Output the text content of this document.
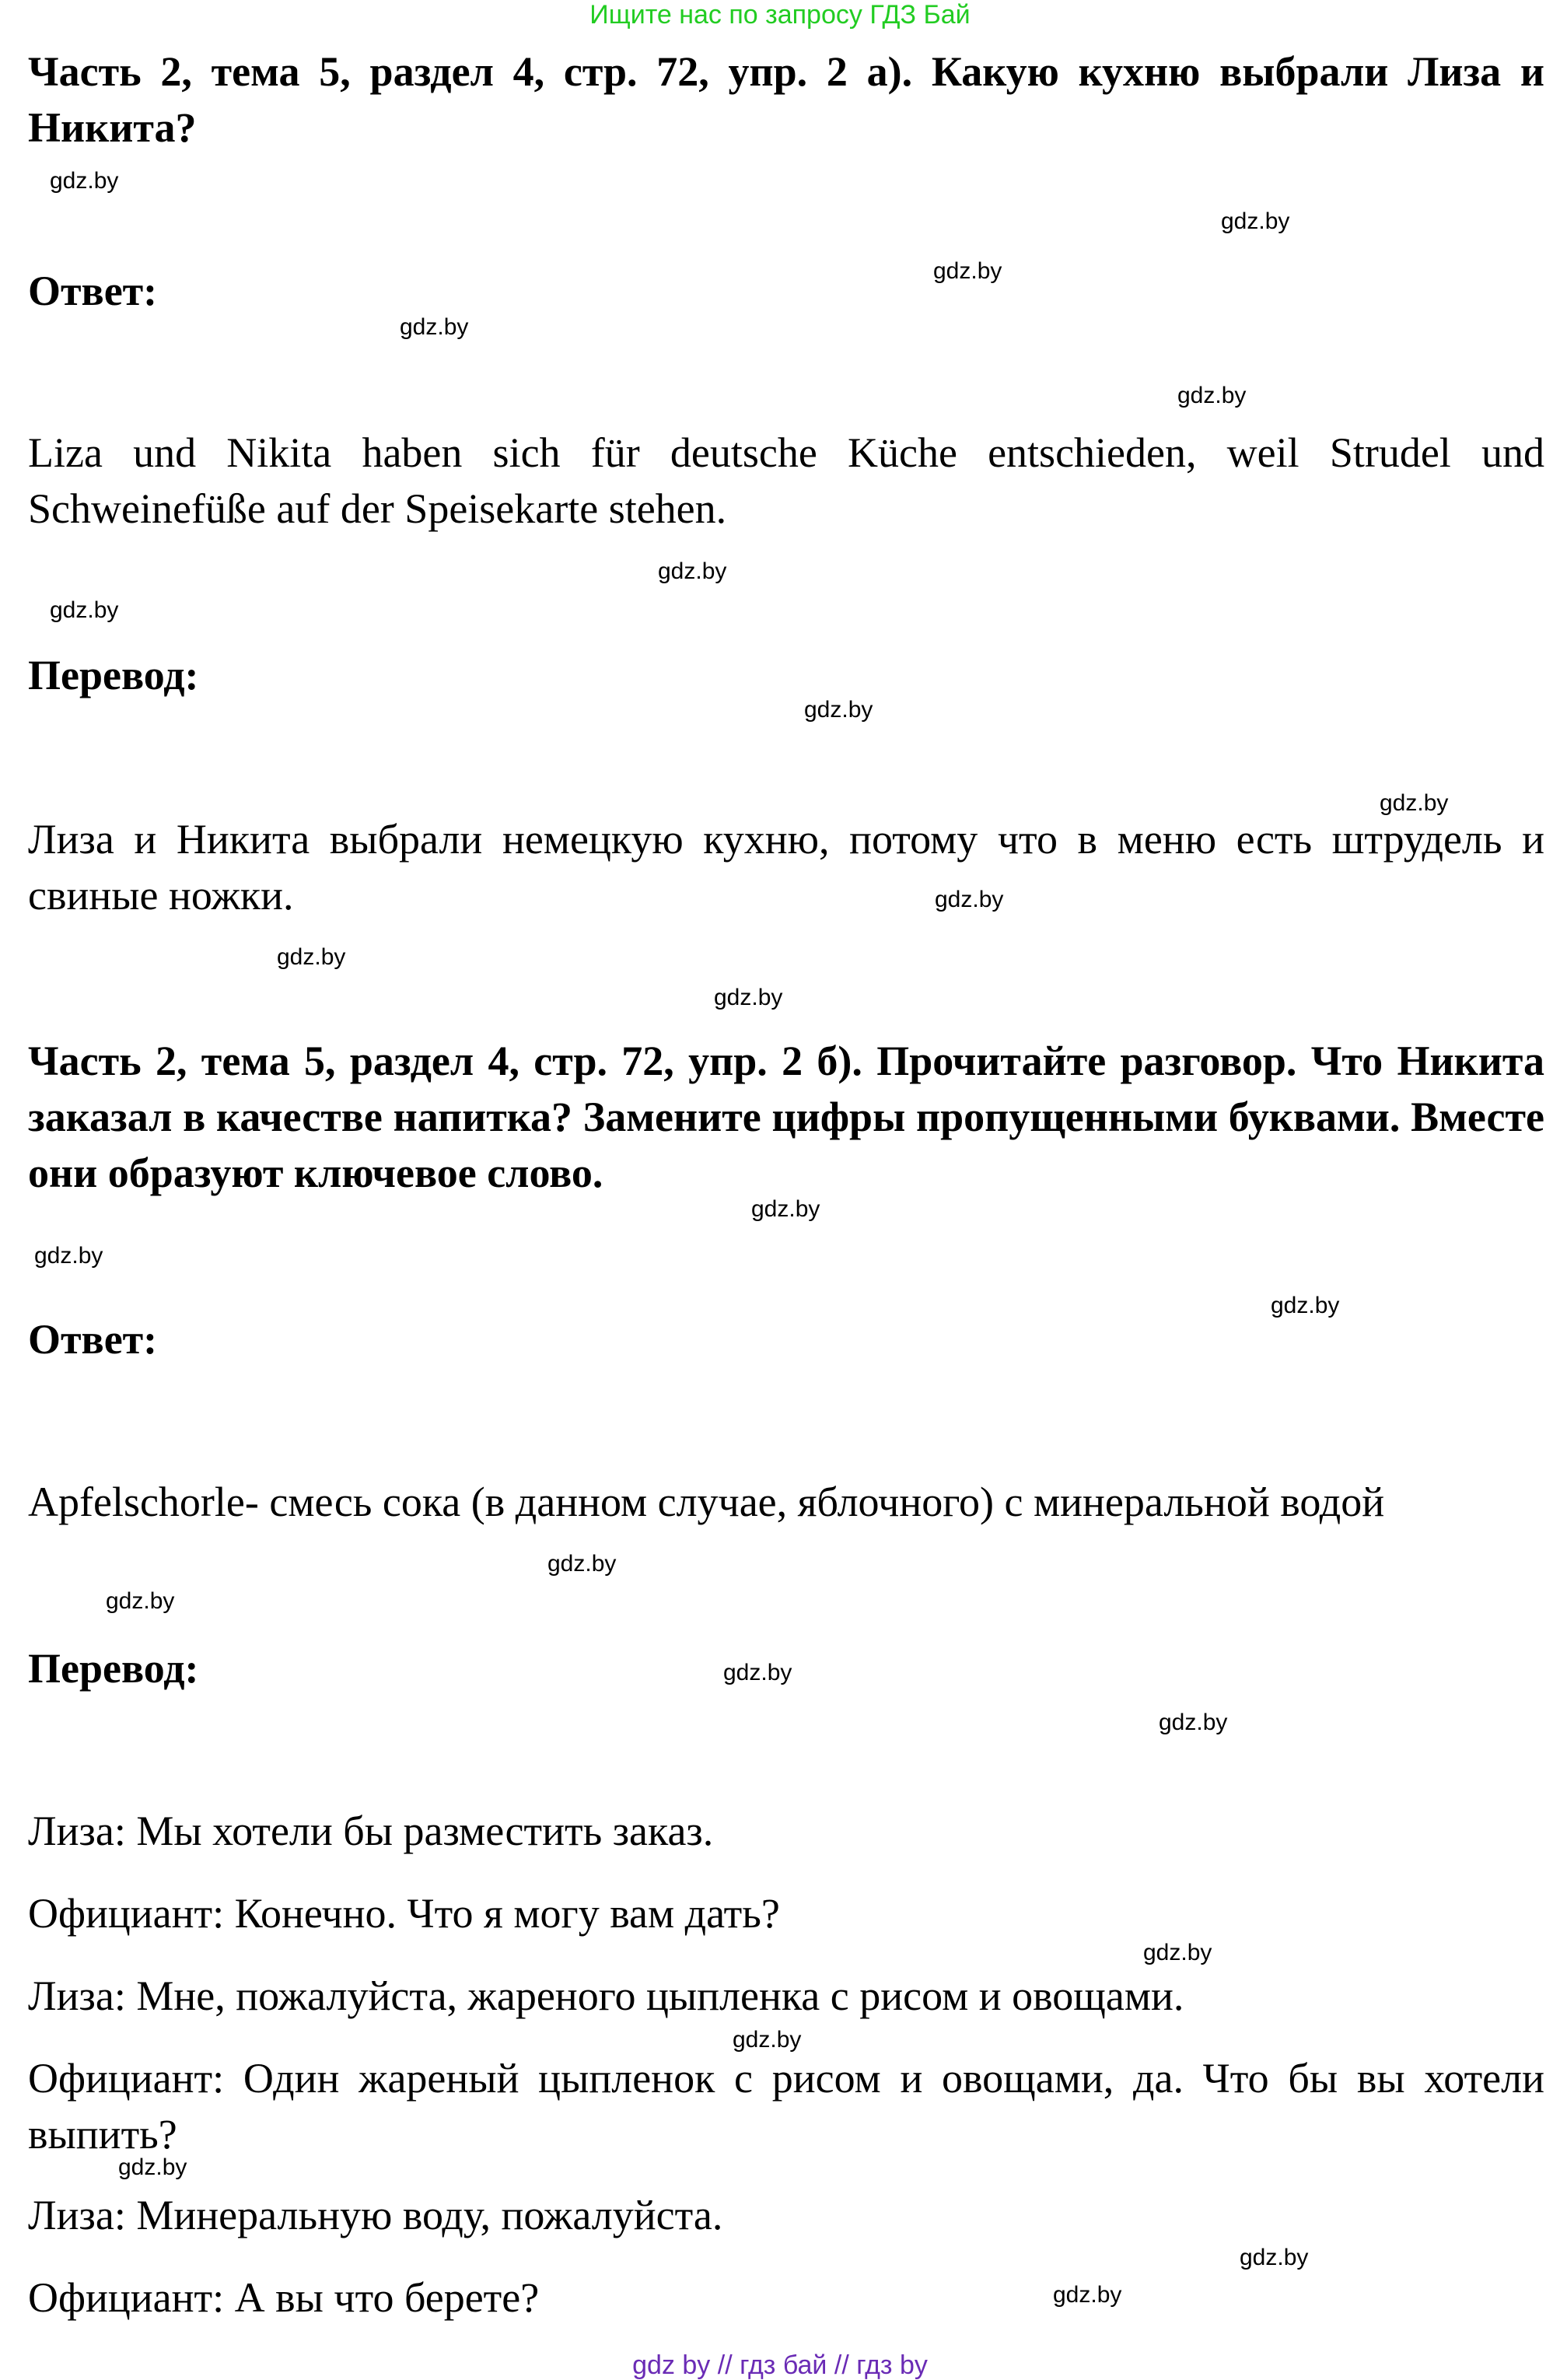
Ищите нас по запросу ГДЗ Бай
Часть 2, тема 5, раздел 4, стр. 72, упр. 2 а). Какую кухню выбрали Лиза и Никита?
Ответ:
Liza und Nikita haben sich für deutsche Küche entschieden, weil Strudel und Schweinefüße auf der Speisekarte stehen.
Перевод:
Лиза и Никита выбрали немецкую кухню, потому что в меню есть штрудель и свиные ножки.
Часть 2, тема 5, раздел 4, стр. 72, упр. 2 б). Прочитайте разговор. Что Никита заказал в качестве напитка? Замените цифры пропущенными буквами. Вместе они образуют ключевое слово.
Ответ:
Apfelschorle- смесь сока (в данном случае, яблочного) с минеральной водой
Перевод:
Лиза: Мы хотели бы разместить заказ.
Официант: Конечно. Что я могу вам дать?
Лиза: Мне, пожалуйста, жареного цыпленка с рисом и овощами.
Официант: Один жареный цыпленок с рисом и овощами, да. Что бы вы хотели выпить?
Лиза: Минеральную воду, пожалуйста.
Официант: А вы что берете?
gdz.by
gdz.by
gdz.by
gdz.by
gdz.by
gdz.by
gdz.by
gdz.by
gdz.by
gdz.by
gdz.by
gdz.by
gdz.by
gdz.by
gdz.by
gdz.by
gdz.by
gdz.by
gdz.by
gdz.by
gdz.by
gdz.by
gdz.by
gdz.by
gdz by // гдз бай // гдз by
